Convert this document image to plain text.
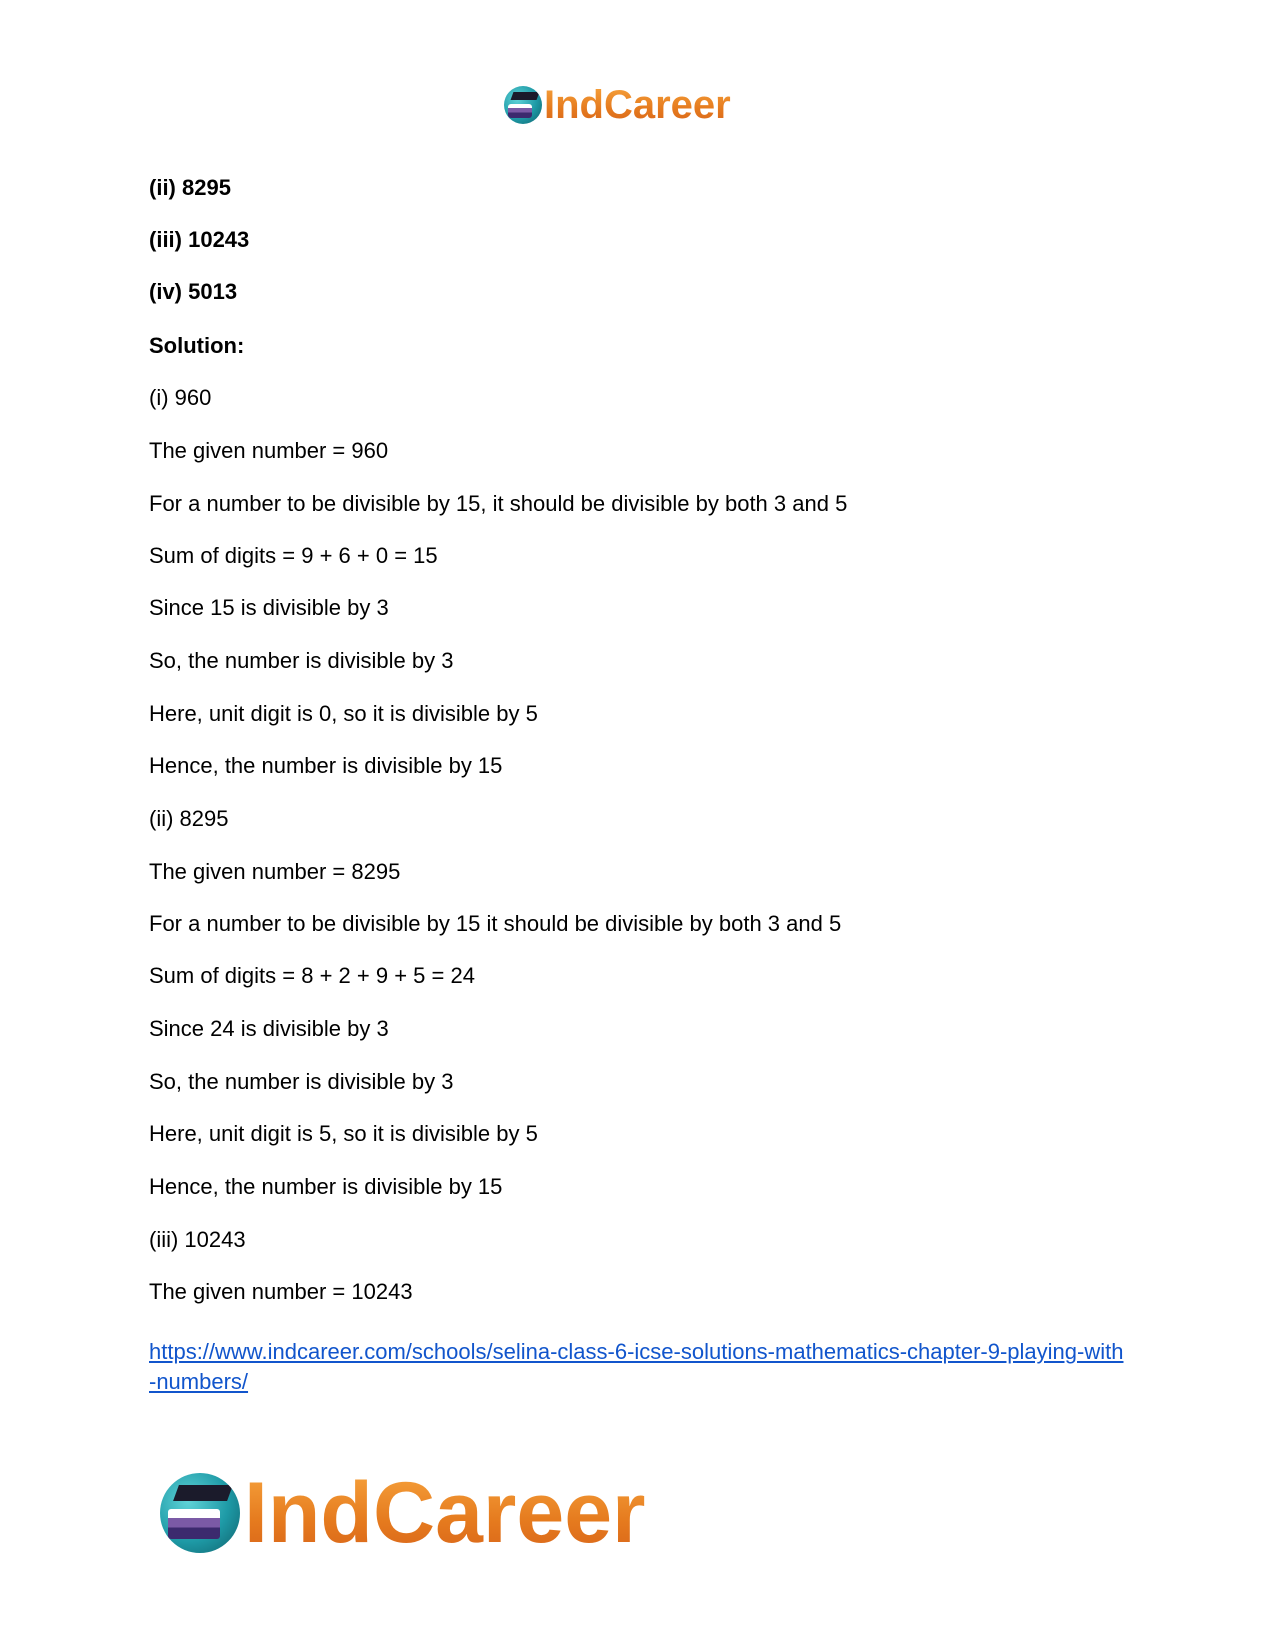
IndCareer
(ii) 8295
(iii) 10243
(iv) 5013
Solution:
(i) 960
The given number = 960
For a number to be divisible by 15, it should be divisible by both 3 and 5
Sum of digits = 9 + 6 + 0 = 15
Since 15 is divisible by 3
So, the number is divisible by 3
Here, unit digit is 0, so it is divisible by 5
Hence, the number is divisible by 15
(ii) 8295
The given number = 8295
For a number to be divisible by 15 it should be divisible by both 3 and 5
Sum of digits = 8 + 2 + 9 + 5 = 24
Since 24 is divisible by 3
So, the number is divisible by 3
Here, unit digit is 5, so it is divisible by 5
Hence, the number is divisible by 15
(iii) 10243
The given number = 10243
https://www.indcareer.com/schools/selina-class-6-icse-solutions-mathematics-chapter-9-playing-with-numbers/
IndCareer
